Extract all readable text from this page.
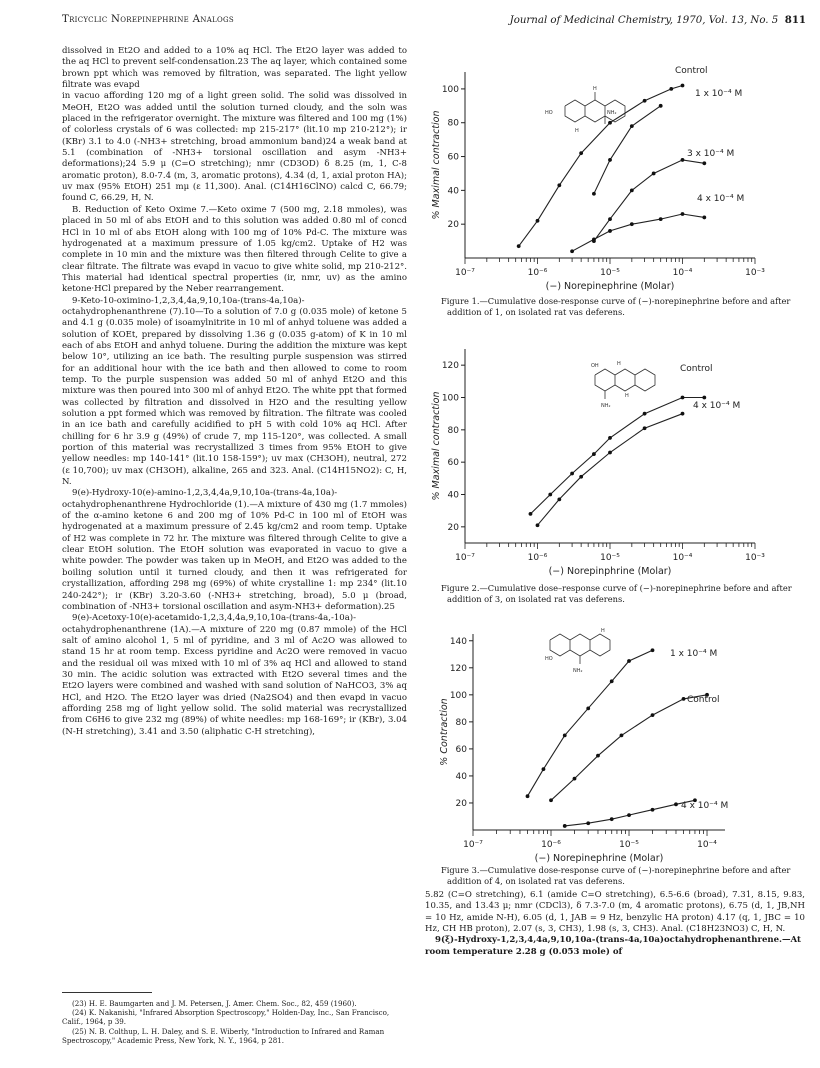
Tricyclic Norepinephrine Analogs	Journal of Medicinal Chemistry, 1970, Vol. 13, No. 5 811

dissolved in Et2O and added to a 10% aq HCl. The Et2O layer was added to the aq HCl to prevent self-condensation.23 The aq layer, which contained some brown ppt which was removed by filtration, was separated. The light yellow filtrate was evapd

in vacuo affording 120 mg of a light green solid. The solid was dissolved in MeOH, Et2O was added until the solution turned cloudy, and the soln was placed in the refrigerator overnight. The mixture was filtered and 100 mg (1%) of colorless crystals of 6 was collected: mp 215-217° (lit.10 mp 210-212°); ir (KBr) 3.1 to 4.0 (-NH3+ stretching, broad ammonium band)24 a weak band at 5.1 (combination of -NH3+ torsional oscillation and asym -NH3+ deformations);24 5.9 μ (C=O stretching); nmr (CD3OD) δ 8.25 (m, 1, C-8 aromatic proton), 8.0-7.4 (m, 3, aromatic protons), 4.34 (d, 1, axial proton HA); uv max (95% EtOH) 251 mμ (ε 11,300). Anal. (C14H16ClNO) calcd C, 66.79; found C, 66.29, H, N.

B. Reduction of Keto Oxime 7.—Keto oxime 7 (500 mg, 2.18 mmoles), was placed in 50 ml of abs EtOH and to this solution was added 0.80 ml of concd HCl in 10 ml of abs EtOH along with 100 mg of 10% Pd-C. The mixture was hydrogenated at a maximum pressure of 1.05 kg/cm2. Uptake of H2 was complete in 10 min and the mixture was then filtered through Celite to give a clear filtrate. The filtrate was evapd in vacuo to give white solid, mp 210-212°. This material had identical spectral properties (ir, nmr, uv) as the amino ketone·HCl prepared by the Neber rearrangement.

9-Keto-10-oximino-1,2,3,4,4a,9,10,10a-(trans-4a,10a)-octahydrophenanthrene (7).10—To a solution of 7.0 g (0.035 mole) of ketone 5 and 4.1 g (0.035 mole) of isoamylnitrite in 10 ml of anhyd toluene was added a solution of KOEt, prepared by dissolving 1.36 g (0.035 g-atom) of K in 10 ml each of abs EtOH and anhyd toluene. During the addition the mixture was kept below 10°, utilizing an ice bath. The resulting purple suspension was stirred for an additional hour with the ice bath and then allowed to come to room temp. To the purple suspension was added 50 ml of anhyd Et2O and this mixture was then poured into 300 ml of anhyd Et2O. The white ppt that formed was collected by filtration and dissolved in H2O and the resulting yellow solution a ppt formed which was removed by filtration. The filtrate was cooled in an ice bath and carefully acidified to pH 5 with cold 10% aq HCl. After chilling for 6 hr 3.9 g (49%) of crude 7, mp 115-120°, was collected. A small portion of this material was recrystallized 3 times from 95% EtOH to give yellow needles: mp 140-141° (lit.10 158-159°); uv max (CH3OH), neutral, 272 (ε 10,700); uv max (CH3OH), alkaline, 265 and 323. Anal. (C14H15NO2): C, H, N.

9(e)-Hydroxy-10(e)-amino-1,2,3,4,4a,9,10,10a-(trans-4a,10a)-octahydrophenanthrene Hydrochloride (1).—A mixture of 430 mg (1.7 mmoles) of the α-amino ketone 6 and 200 mg of 10% Pd-C in 100 ml of EtOH was hydrogenated at a maximum pressure of 2.45 kg/cm2 and room temp. Uptake of H2 was complete in 72 hr. The mixture was filtered through Celite to give a clear EtOH solution. The EtOH solution was evaporated in vacuo to give a white powder. The powder was taken up in MeOH, and Et2O was added to the boiling solution until it turned cloudy, and then it was refrigerated for crystallization, affording 298 mg (69%) of white crystalline 1: mp 234° (lit.10 240-242°); ir (KBr) 3.20-3.60 (-NH3+ stretching, broad), 5.0 μ (broad, combination of -NH3+ torsional oscillation and asym-NH3+ deformation).25

9(e)-Acetoxy-10(e)-acetamido-1,2,3,4,4a,9,10,10a-(trans-4a,-10a)-octahydrophenanthrene (1A).—A mixture of 220 mg (0.87 mmole) of the HCl salt of amino alcohol 1, 5 ml of pyridine, and 3 ml of Ac2O was allowed to stand 15 hr at room temp. Excess pyridine and Ac2O were removed in vacuo and the residual oil was mixed with 10 ml of 3% aq HCl and allowed to stand 30 min. The acidic solution was extracted with Et2O several times and the Et2O layers were combined and washed with sand solution of NaHCO3, 3% aq HCl, and H2O. The Et2O layer was dried (Na2SO4) and then evapd in vacuo affording 258 mg of light yellow solid. The solid material was recrystallized from C6H6 to give 232 mg (89%) of white needles: mp 168-169°; ir (KBr), 3.04 (N-H stretching), 3.41 and 3.50 (aliphatic C-H stretching),

(23) H. E. Baumgarten and J. M. Petersen, J. Amer. Chem. Soc., 82, 459 (1960).

(24) K. Nakanishi, "Infrared Absorption Spectroscopy," Holden-Day, Inc., San Francisco, Calif., 1964, p 39.

(25) N. B. Colthup, L. H. Daley, and S. E. Wiberly, "Introduction to Infrared and Raman Spectroscopy," Academic Press, New York, N. Y., 1964, p 281.

H
HO	NH₂
H
20
40
60
80
100
10⁻⁷	10⁻⁶	10⁻⁵	10⁻⁴	10⁻³
(−) Norepinephrine (Molar)
% Maximal contraction
Control
1 x 10⁻⁴ M
3 x 10⁻⁴ M
4 x 10⁻⁴ M
Figure 1.—Cumulative dose-response curve of (−)-norepinephrine before and after addition of 1, on isolated rat vas deferens.
OH	H
H
NH₂
20
40
60
80
100
120
10⁻⁷	10⁻⁶	10⁻⁵	10⁻⁴	10⁻³
(−) Norepinphrine (Molar)
% Maximal contraction
Control
4 x 10⁻⁴ M
Figure 2.—Cumulative dose–response curve of (−)-norepinephrine before and after addition of 3, on isolated rat vas deferens.
HO
NH₂
H
20
40
60
80
100
120
140
10⁻⁷	10⁻⁶	10⁻⁵	10⁻⁴
(−) Norepinephrine (Molar)
% Contraction
1 x 10⁻⁴ M
Control
4 x 10⁻⁴ M
Figure 3.—Cumulative dose-response curve of (−)-norepinephrine before and after addition of 4, on isolated rat vas deferens.

5.82 (C=O stretching), 6.1 (amide C=O stretching), 6.5-6.6 (broad), 7.31, 8.15, 9.83, 10.35, and 13.43 μ; nmr (CDCl3), δ 7.3-7.0 (m, 4 aromatic protons), 6.75 (d, 1, JB,NH = 10 Hz, amide N-H), 6.05 (d, 1, JAB = 9 Hz, benzylic HA proton) 4.17 (q, 1, JBC = 10 Hz, CH HB proton), 2.07 (s, 3, CH3), 1.98 (s, 3, CH3). Anal. (C18H23NO3) C, H, N.

9(ξ)-Hydroxy-1,2,3,4,4a,9,10,10a-(trans-4a,10a)octahydrophenanthrene.—At room temperature 2.28 g (0.053 mole) of
